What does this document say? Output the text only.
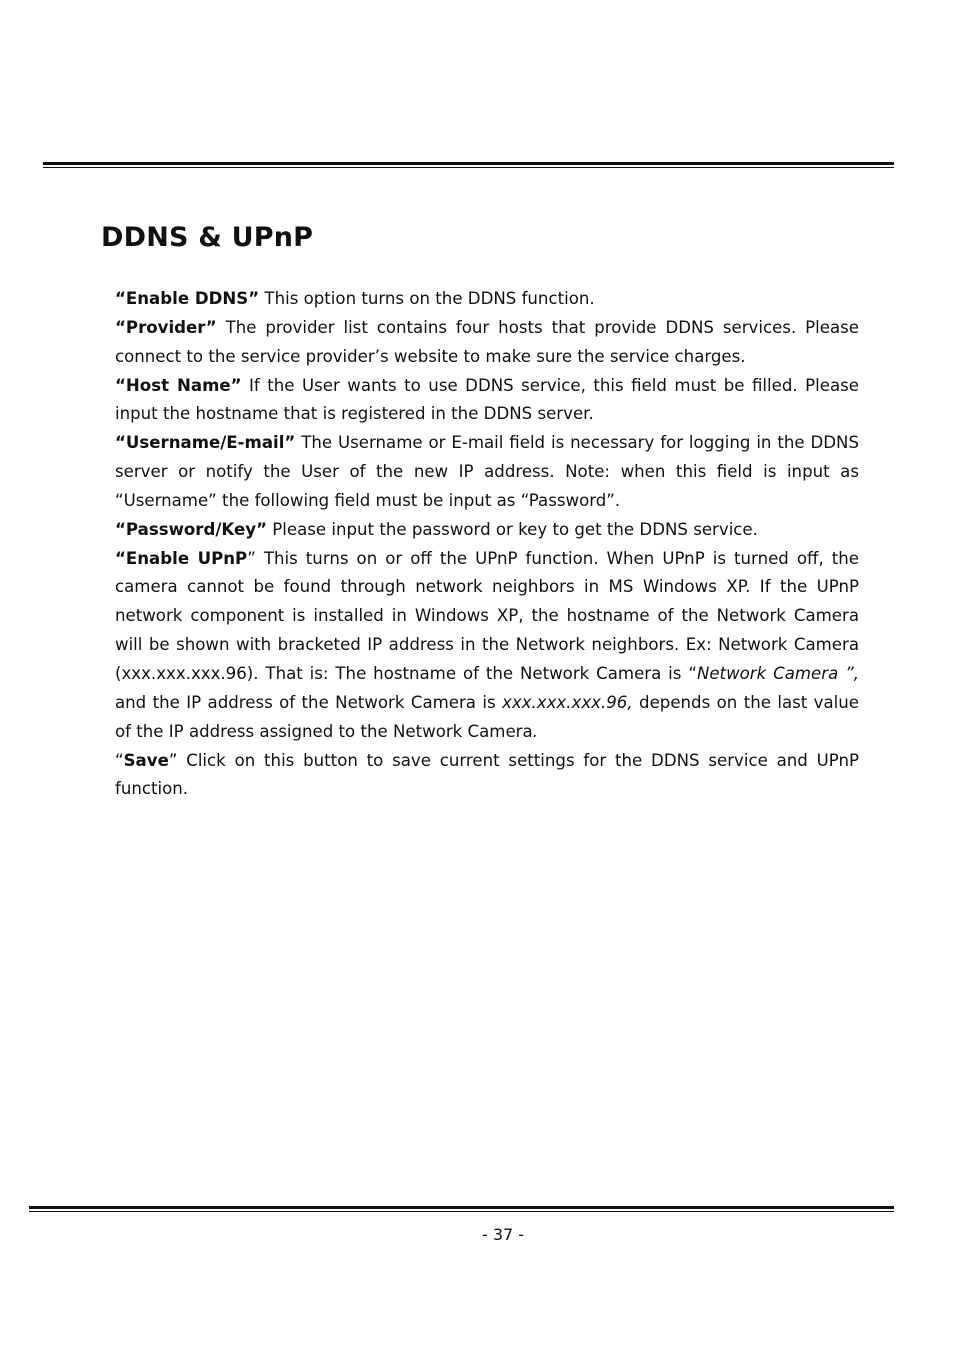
DDNS & UPnP

“Enable DDNS” This option turns on the DDNS function.

“Provider” The provider list contains four hosts that provide DDNS services. Please connect to the service provider’s website to make sure the service charges.

“Host Name” If the User wants to use DDNS service, this field must be filled. Please input the hostname that is registered in the DDNS server.

“Username/E-mail” The Username or E-mail field is necessary for logging in the DDNS server or notify the User of the new IP address. Note: when this field is input as “Username” the following field must be input as “Password”.

“Password/Key” Please input the password or key to get the DDNS service.

“Enable UPnP” This turns on or off the UPnP function. When UPnP is turned off, the camera cannot be found through network neighbors in MS Windows XP. If the UPnP network component is installed in Windows XP, the hostname of the Network Camera will be shown with bracketed IP address in the Network neighbors. Ex: Network Camera (xxx.xxx.xxx.96). That is: The hostname of the Network Camera is “Network Camera ”, and the IP address of the Network Camera is xxx.xxx.xxx.96, depends on the last value of the IP address assigned to the Network Camera.

“Save” Click on this button to save current settings for the DDNS service and UPnP function.

- 37 -
